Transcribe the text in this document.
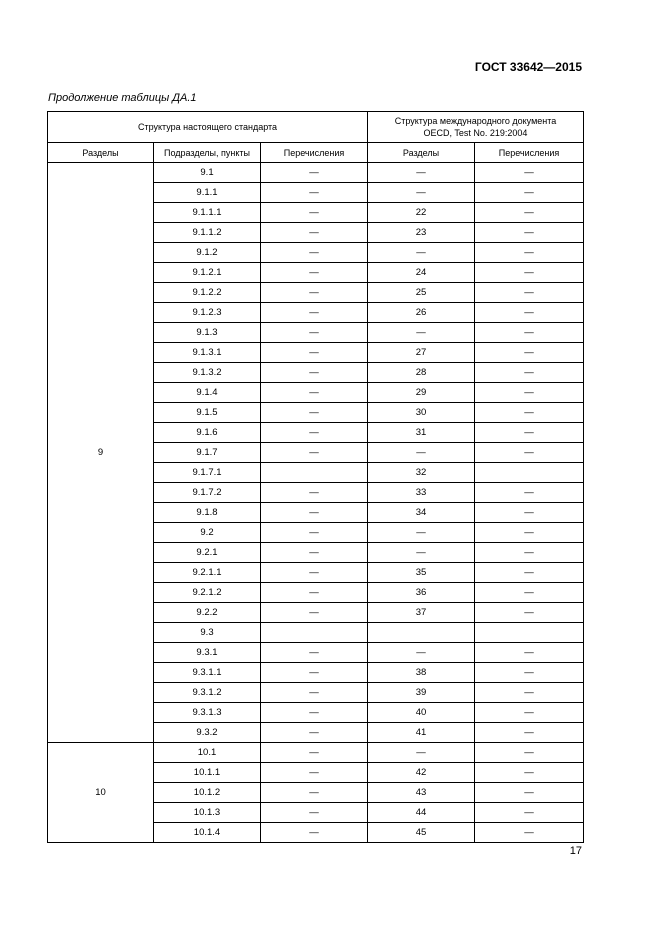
ГОСТ 33642—2015
Продолжение таблицы ДА.1
Структура настоящего стандарта			Структура международного документа
OECD, Test No. 219:2004	
Разделы	Подразделы, пункты	Перечисления	Разделы	Перечисления
9	9.1	—	—	—
	9.1.1	—	—	—
	9.1.1.1	—	22	—
	9.1.1.2	—	23	—
	9.1.2	—	—	—
	9.1.2.1	—	24	—
	9.1.2.2	—	25	—
	9.1.2.3	—	26	—
	9.1.3	—	—	—
	9.1.3.1	—	27	—
	9.1.3.2	—	28	—
	9.1.4	—	29	—
	9.1.5	—	30	—
	9.1.6	—	31	—
	9.1.7	—	—	—
	9.1.7.1		32	
	9.1.7.2	—	33	—
	9.1.8	—	34	—
	9.2	—	—	—
	9.2.1	—	—	—
	9.2.1.1	—	35	—
	9.2.1.2	—	36	—
	9.2.2	—	37	—
	9.3			
	9.3.1	—	—	—
	9.3.1.1	—	38	—
	9.3.1.2	—	39	—
	9.3.1.3	—	40	—
	9.3.2	—	41	—
10	10.1	—	—	—
	10.1.1	—	42	—
	10.1.2	—	43	—
	10.1.3	—	44	—
	10.1.4	—	45	—
17
